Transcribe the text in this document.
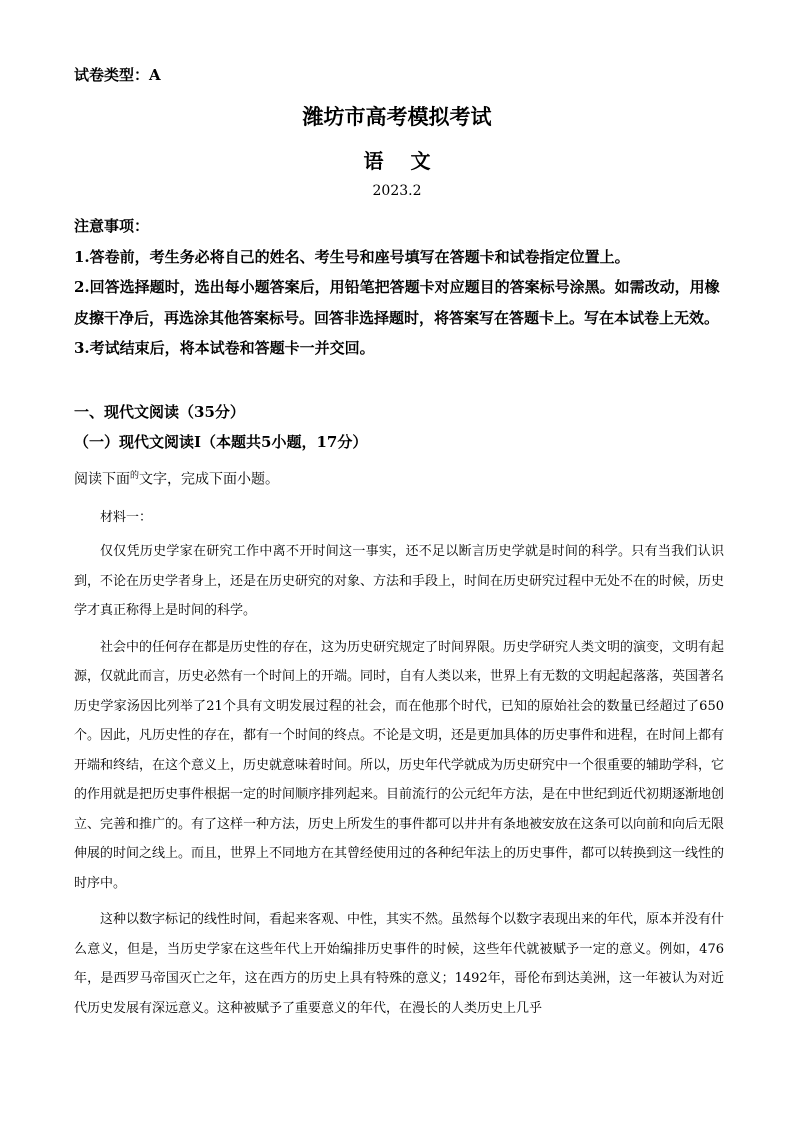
试卷类型：A
潍坊市高考模拟考试
语 文
2023.2
注意事项：
1.答卷前，考生务必将自己的姓名、考生号和座号填写在答题卡和试卷指定位置上。
2.回答选择题时，选出每小题答案后，用铅笔把答题卡对应题目的答案标号涂黑。如需改动，用橡皮擦干净后，再选涂其他答案标号。回答非选择题时，将答案写在答题卡上。写在本试卷上无效。
3.考试结束后，将本试卷和答题卡一并交回。
一、现代文阅读（35分）
（一）现代文阅读Ⅰ（本题共5小题，17分）
阅读下面$^的$文字，完成下面小题。
材料一：

仅仅凭历史学家在研究工作中离不开时间这一事实，还不足以断言历史学就是时间的科学。只有当我们认识到，不论在历史学者身上，还是在历史研究的对象、方法和手段上，时间在历史研究过程中无处不在的时候，历史学才真正称得上是时间的科学。

社会中的任何存在都是历史性的存在，这为历史研究规定了时间界限。历史学研究人类文明的演变，文明有起源，仅就此而言，历史必然有一个时间上的开端。同时，自有人类以来，世界上有无数的文明起起落落，英国著名历史学家汤因比列举了21个具有文明发展过程的社会，而在他那个时代，已知的原始社会的数量已经超过了650个。因此，凡历史性的存在，都有一个时间的终点。不论是文明，还是更加具体的历史事件和进程，在时间上都有开端和终结，在这个意义上，历史就意味着时间。所以，历史年代学就成为历史研究中一个很重要的辅助学科，它的作用就是把历史事件根据一定的时间顺序排列起来。目前流行的公元纪年方法，是在中世纪到近代初期逐渐地创立、完善和推广的。有了这样一种方法，历史上所发生的事件都可以井井有条地被安放在这条可以向前和向后无限伸展的时间之线上。而且，世界上不同地方在其曾经使用过的各种纪年法上的历史事件，都可以转换到这一线性的时序中。

这种以数字标记的线性时间，看起来客观、中性，其实不然。虽然每个以数字表现出来的年代，原本并没有什么意义，但是，当历史学家在这些年代上开始编排历史事件的时候，这些年代就被赋予一定的意义。例如，476年，是西罗马帝国灭亡之年，这在西方的历史上具有特殊的意义；1492年，哥伦布到达美洲，这一年被认为对近代历史发展有深远意义。这种被赋予了重要意义的年代，在漫长的人类历史上几乎
